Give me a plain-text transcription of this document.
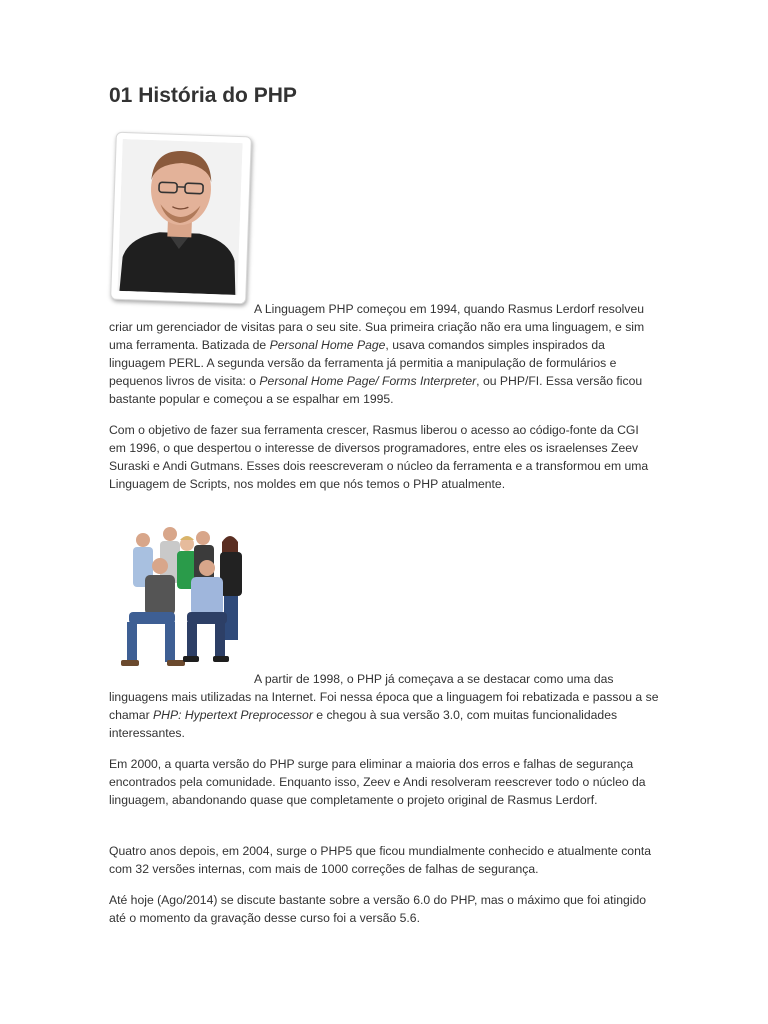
01 História do PHP

A Linguagem PHP começou em 1994, quando Rasmus Lerdorf resolveu criar um gerenciador de visitas para o seu site. Sua primeira criação não era uma linguagem, e sim uma ferramenta. Batizada de Personal Home Page, usava comandos simples inspirados da linguagem PERL. A segunda versão da ferramenta já permitia a manipulação de formulários e pequenos livros de visita: o Personal Home Page/ Forms Interpreter, ou PHP/FI. Essa versão ficou bastante popular e começou a se espalhar em 1995.

Com o objetivo de fazer sua ferramenta crescer, Rasmus liberou o acesso ao código-fonte da CGI em 1996, o que despertou o interesse de diversos programadores, entre eles os israelenses Zeev Suraski e Andi Gutmans. Esses dois reescreveram o núcleo da ferramenta e a transformou em uma Linguagem de Scripts, nos moldes em que nós temos o PHP atualmente.

A partir de 1998, o PHP já começava a se destacar como uma das linguagens mais utilizadas na Internet. Foi nessa época que a linguagem foi rebatizada e passou a se chamar PHP: Hypertext Preprocessor e chegou à sua versão 3.0, com muitas funcionalidades interessantes.

Em 2000, a quarta versão do PHP surge para eliminar a maioria dos erros e falhas de segurança encontrados pela comunidade. Enquanto isso, Zeev e Andi resolveram reescrever todo o núcleo da linguagem, abandonando quase que completamente o projeto original de Rasmus Lerdorf.

Quatro anos depois, em 2004, surge o PHP5 que ficou mundialmente conhecido e atualmente conta com 32 versões internas, com mais de 1000 correções de falhas de segurança.

Até hoje (Ago/2014) se discute bastante sobre a versão 6.0 do PHP, mas o máximo que foi atingido até o momento da gravação desse curso foi a versão 5.6.
